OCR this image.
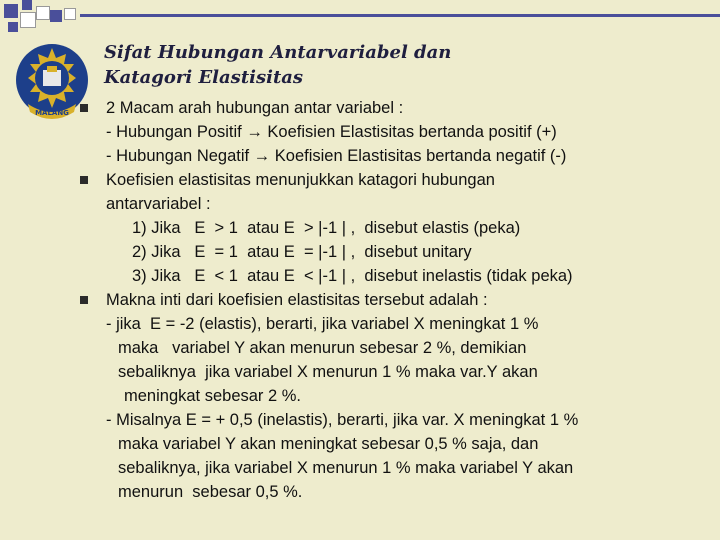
MALANG
Sifat Hubungan Antarvariabel dan
Katagori Elastisitas
2 Macam arah hubungan antar variabel :
- Hubungan Positif → Koefisien Elastisitas bertanda positif (+)
- Hubungan Negatif → Koefisien Elastisitas bertanda negatif (-)
Koefisien elastisitas menunjukkan katagori hubungan
antarvariabel :
1) Jika   E  > 1  atau E  > |-1 | ,  disebut elastis (peka)
2) Jika   E  = 1  atau E  = |-1 | ,  disebut unitary
3) Jika   E  < 1  atau E  < |-1 | ,  disebut inelastis (tidak peka)
Makna inti dari koefisien elastisitas tersebut adalah :
- jika  E = -2 (elastis), berarti, jika variabel X meningkat 1 %
maka   variabel Y akan menurun sebesar 2 %, demikian
sebaliknya  jika variabel X menurun 1 % maka var.Y akan
meningkat sebesar 2 %.
- Misalnya E = + 0,5 (inelastis), berarti, jika var. X meningkat 1 %
maka variabel Y akan meningkat sebesar 0,5 % saja, dan
sebaliknya, jika variabel X menurun 1 % maka variabel Y akan
menurun  sebesar 0,5 %.
